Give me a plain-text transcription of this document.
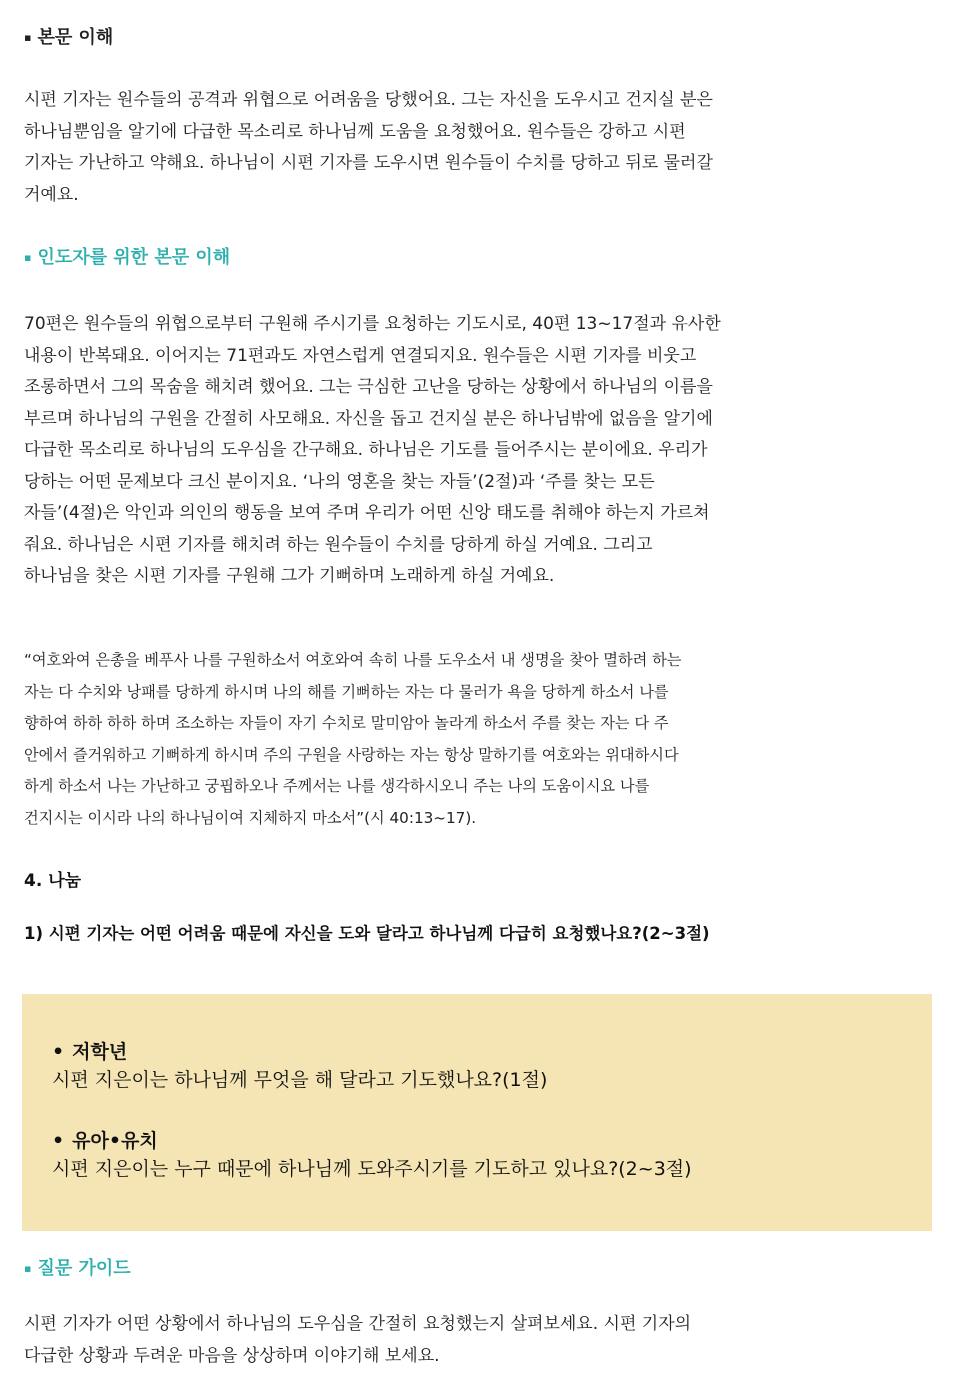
▪ 본문 이해
시편 기자는 원수들의 공격과 위협으로 어려움을 당했어요. 그는 자신을 도우시고 건지실 분은
하나님뿐임을 알기에 다급한 목소리로 하나님께 도움을 요청했어요. 원수들은 강하고 시편
기자는 가난하고 약해요. 하나님이 시편 기자를 도우시면 원수들이 수치를 당하고 뒤로 물러갈
거예요.
▪ 인도자를 위한 본문 이해
70편은 원수들의 위협으로부터 구원해 주시기를 요청하는 기도시로, 40편 13~17절과 유사한
내용이 반복돼요. 이어지는 71편과도 자연스럽게 연결되지요. 원수들은 시편 기자를 비웃고
조롱하면서 그의 목숨을 해치려 했어요. 그는 극심한 고난을 당하는 상황에서 하나님의 이름을
부르며 하나님의 구원을 간절히 사모해요. 자신을 돕고 건지실 분은 하나님밖에 없음을 알기에
다급한 목소리로 하나님의 도우심을 간구해요. 하나님은 기도를 들어주시는 분이에요. 우리가
당하는 어떤 문제보다 크신 분이지요. ‘나의 영혼을 찾는 자들’(2절)과 ‘주를 찾는 모든
자들’(4절)은 악인과 의인의 행동을 보여 주며 우리가 어떤 신앙 태도를 취해야 하는지 가르쳐
줘요. 하나님은 시편 기자를 해치려 하는 원수들이 수치를 당하게 하실 거예요. 그리고
하나님을 찾은 시편 기자를 구원해 그가 기뻐하며 노래하게 하실 거예요.
“여호와여 은총을 베푸사 나를 구원하소서 여호와여 속히 나를 도우소서 내 생명을 찾아 멸하려 하는
자는 다 수치와 낭패를 당하게 하시며 나의 해를 기뻐하는 자는 다 물러가 욕을 당하게 하소서 나를
향하여 하하 하하 하며 조소하는 자들이 자기 수치로 말미암아 놀라게 하소서 주를 찾는 자는 다 주
안에서 즐거워하고 기뻐하게 하시며 주의 구원을 사랑하는 자는 항상 말하기를 여호와는 위대하시다
하게 하소서 나는 가난하고 궁핍하오나 주께서는 나를 생각하시오니 주는 나의 도움이시요 나를
건지시는 이시라 나의 하나님이여 지체하지 마소서”(시 40:13~17).
4. 나눔
1) 시편 기자는 어떤 어려움 때문에 자신을 도와 달라고 하나님께 다급히 요청했나요?(2~3절)
• 저학년
시편 지은이는 하나님께 무엇을 해 달라고 기도했나요?(1절)
• 유아•유치
시편 지은이는 누구 때문에 하나님께 도와주시기를 기도하고 있나요?(2~3절)
▪ 질문 가이드
시편 기자가 어떤 상황에서 하나님의 도우심을 간절히 요청했는지 살펴보세요. 시편 기자의
다급한 상황과 두려운 마음을 상상하며 이야기해 보세요.
